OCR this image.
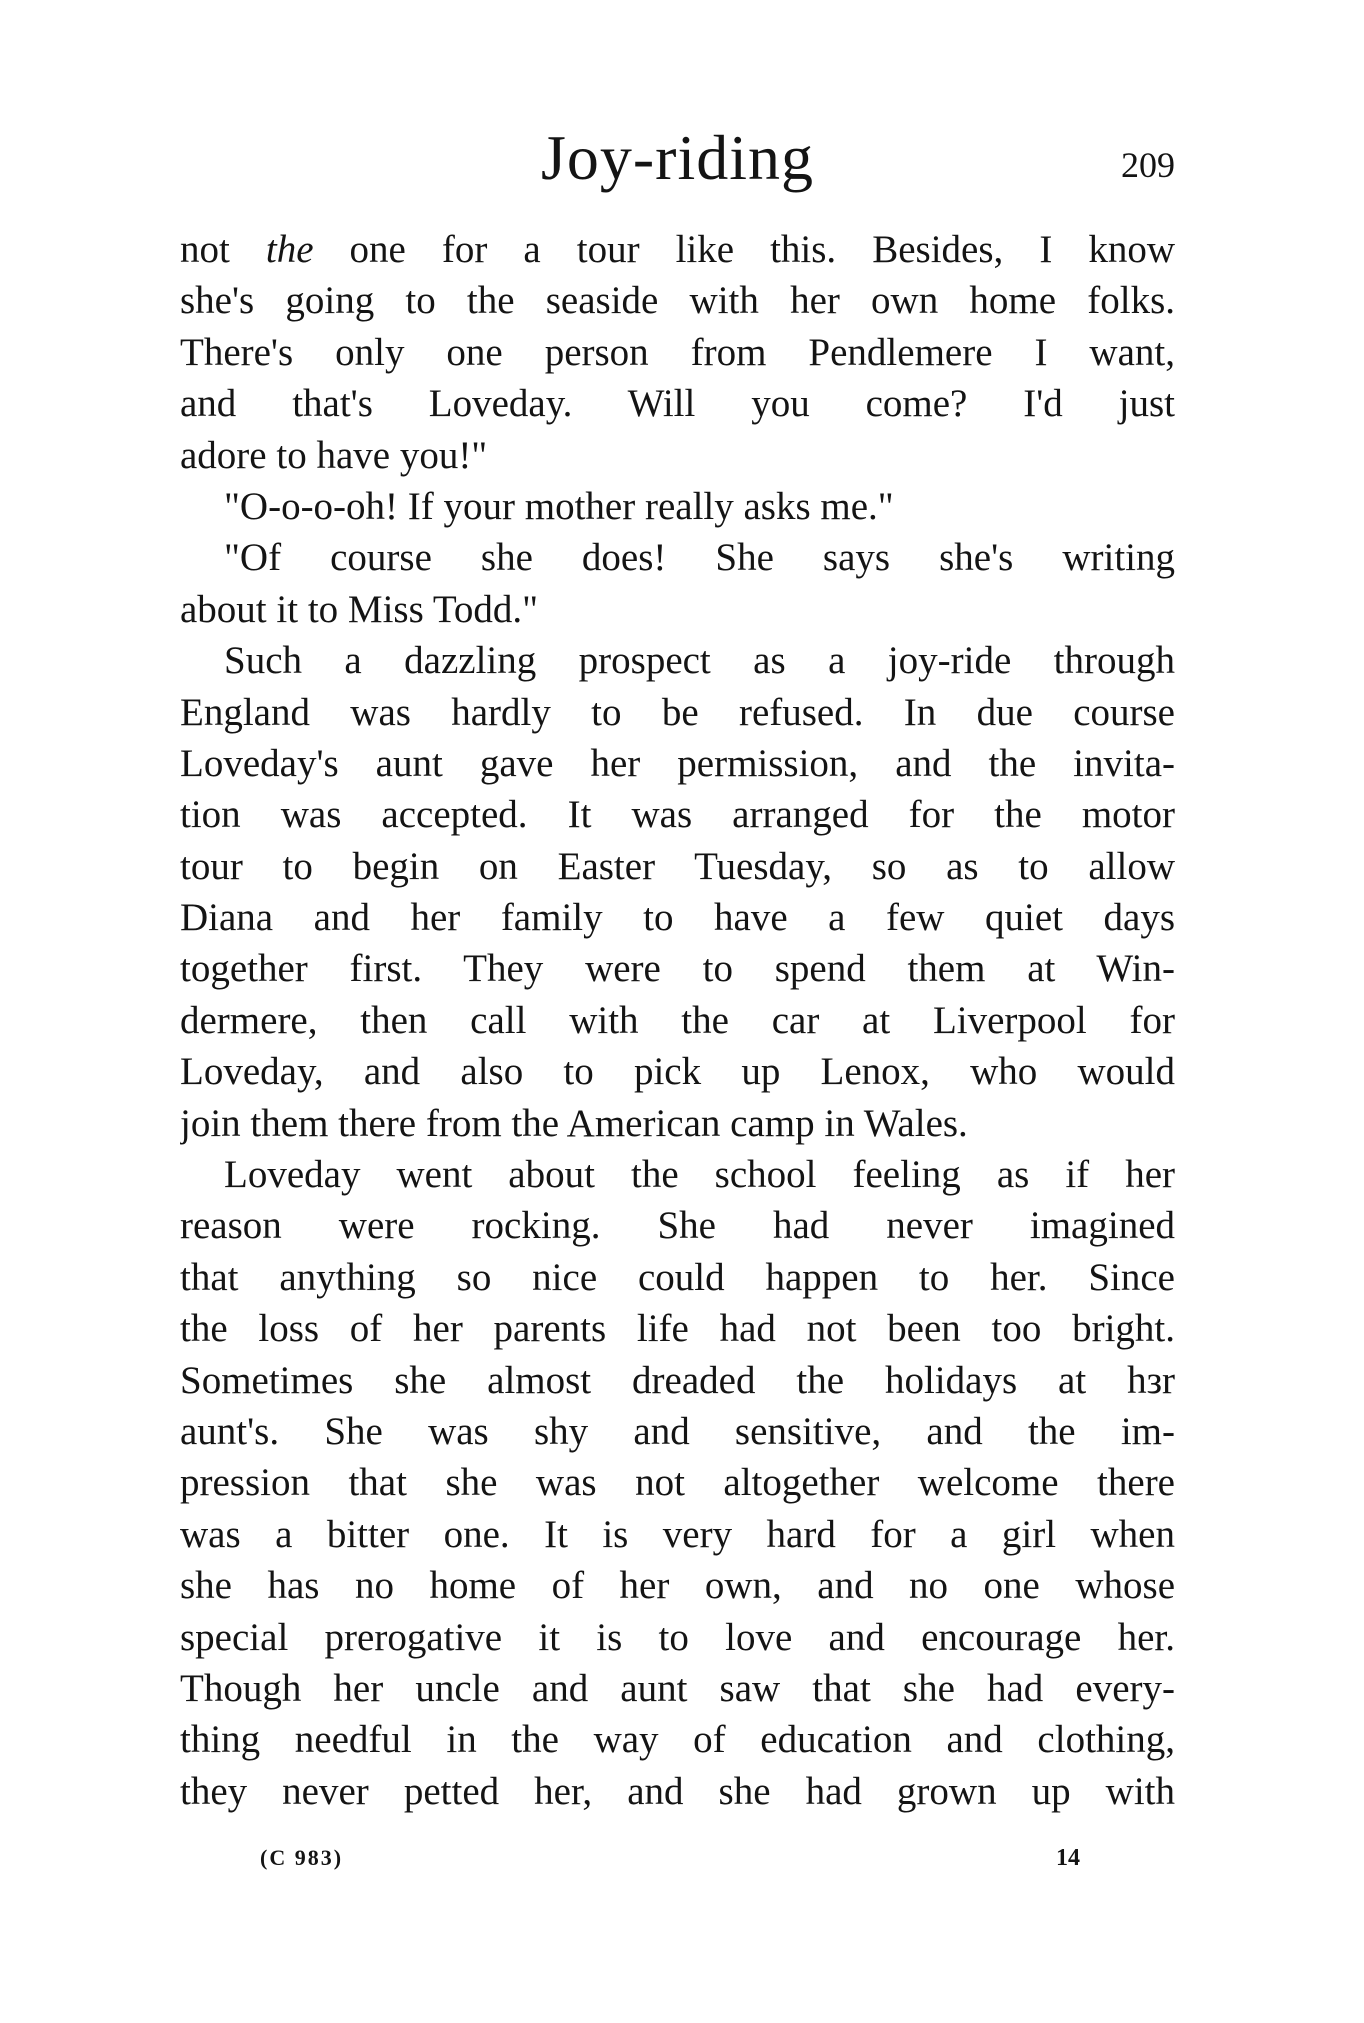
Joy-riding	209
not the one for a tour like this. Besides, I know
she's going to the seaside with her own home folks.
There's only one person from Pendlemere I want,
and that's Loveday. Will you come? I'd just
adore to have you!"
"O-o-o-oh! If your mother really asks me."
"Of course she does! She says she's writing
about it to Miss Todd."
Such a dazzling prospect as a joy-ride through
England was hardly to be refused. In due course
Loveday's aunt gave her permission, and the invita-
tion was accepted. It was arranged for the motor
tour to begin on Easter Tuesday, so as to allow
Diana and her family to have a few quiet days
together first. They were to spend them at Win-
dermere, then call with the car at Liverpool for
Loveday, and also to pick up Lenox, who would
join them there from the American camp in Wales.
Loveday went about the school feeling as if her
reason were rocking. She had never imagined
that anything so nice could happen to her. Since
the loss of her parents life had not been too bright.
Sometimes she almost dreaded the holidays at hзr
aunt's. She was shy and sensitive, and the im-
pression that she was not altogether welcome there
was a bitter one. It is very hard for a girl when
she has no home of her own, and no one whose
special prerogative it is to love and encourage her.
Though her uncle and aunt saw that she had every-
thing needful in the way of education and clothing,
they never petted her, and she had grown up with
(C 983)	14
